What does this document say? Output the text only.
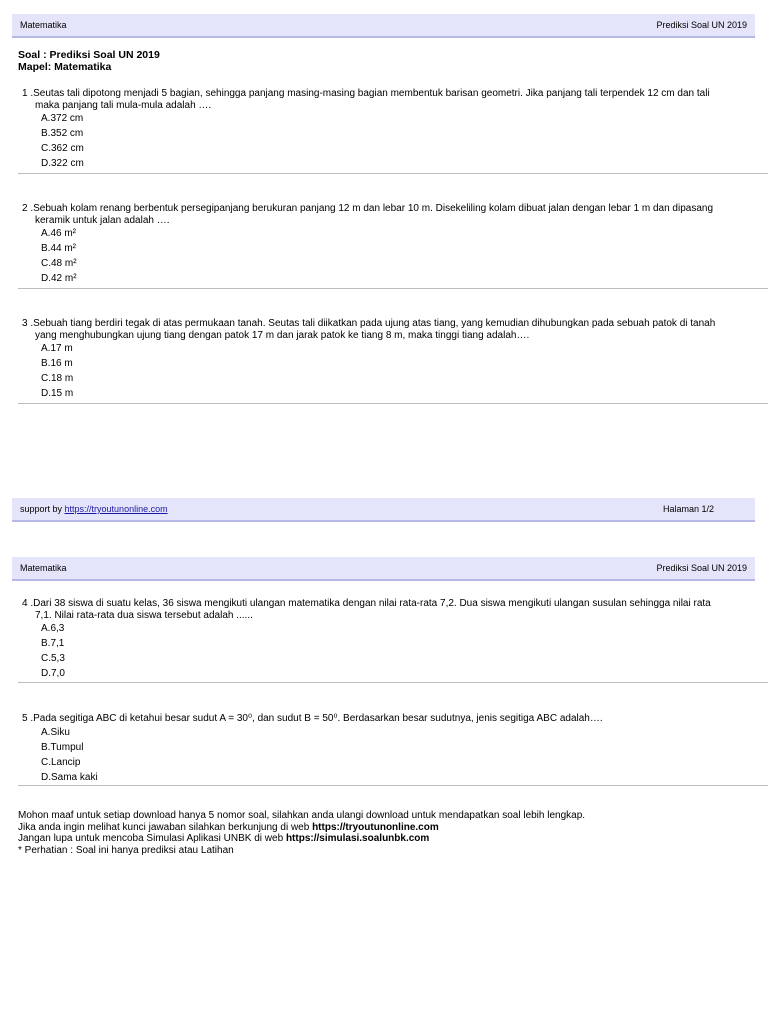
Matematika	Prediksi Soal UN 2019
Soal : Prediksi Soal UN 2019
Mapel: Matematika
1 .Seutas tali dipotong menjadi 5 bagian, sehingga panjang masing-masing bagian membentuk barisan geometri. Jika panjang tali terpendek 12 cm dan tali
maka panjang tali mula-mula adalah ….
A.372 cm
B.352 cm
C.362 cm
D.322 cm
2 .Sebuah kolam renang berbentuk persegipanjang berukuran panjang 12 m dan lebar 10 m. Disekeliling kolam dibuat jalan dengan lebar 1 m dan dipasang
keramik untuk jalan adalah ….
A.46 m²
B.44 m²
C.48 m²
D.42 m²
3 .Sebuah tiang berdiri tegak di atas permukaan tanah. Seutas tali diikatkan pada ujung atas tiang, yang kemudian dihubungkan pada sebuah patok di tanah
yang menghubungkan ujung tiang dengan patok 17 m dan jarak patok ke tiang 8 m, maka tinggi tiang adalah….
A.17 m
B.16 m
C.18 m
D.15 m
support by https://tryoutunonline.com	Halaman 1/2
Matematika	Prediksi Soal UN 2019
4 .Dari 38 siswa di suatu kelas, 36 siswa mengikuti ulangan matematika dengan nilai rata-rata 7,2. Dua siswa mengikuti ulangan susulan sehingga nilai rata
7,1. Nilai rata-rata dua siswa tersebut adalah ......
A.6,3
B.7,1
C.5,3
D.7,0
5 .Pada segitiga ABC di ketahui besar sudut A = 30⁰, dan sudut B = 50⁰. Berdasarkan besar sudutnya, jenis segitiga ABC adalah….
A.Siku
B.Tumpul
C.Lancip
D.Sama kaki
Mohon maaf untuk setiap download hanya 5 nomor soal, silahkan anda ulangi download untuk mendapatkan soal lebih lengkap.
Jika anda ingin melihat kunci jawaban silahkan berkunjung di web https://tryoutunonline.com
Jangan lupa untuk mencoba Simulasi Aplikasi UNBK di web https://simulasi.soalunbk.com
* Perhatian : Soal ini hanya prediksi atau Latihan
